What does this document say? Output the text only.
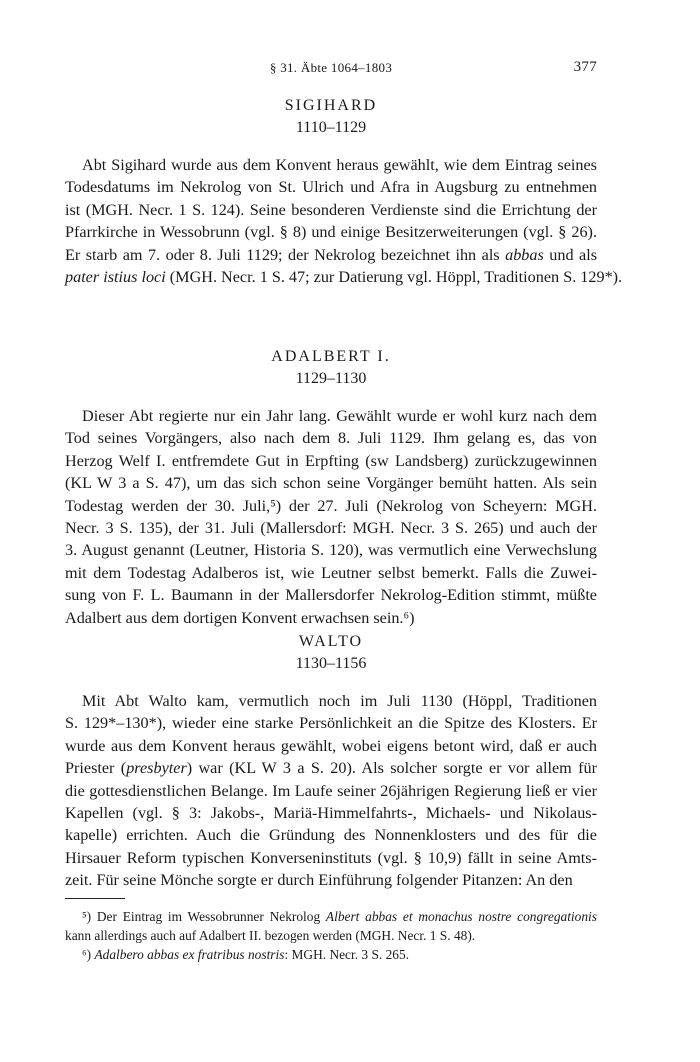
§ 31. Äbte 1064–1803	377
SIGIHARD
1110–1129
Abt Sigihard wurde aus dem Konvent heraus gewählt, wie dem Eintrag seines
Todesdatums im Nekrolog von St. Ulrich und Afra in Augsburg zu entnehmen
ist (MGH. Necr. 1 S. 124). Seine besonderen Verdienste sind die Errichtung der
Pfarrkirche in Wessobrunn (vgl. § 8) und einige Besitzerweiterungen (vgl. § 26).
Er starb am 7. oder 8. Juli 1129; der Nekrolog bezeichnet ihn als abbas und als
pater istius loci (MGH. Necr. 1 S. 47; zur Datierung vgl. Höppl, Traditionen S. 129*).
ADALBERT I.
1129–1130
Dieser Abt regierte nur ein Jahr lang. Gewählt wurde er wohl kurz nach dem
Tod seines Vorgängers, also nach dem 8. Juli 1129. Ihm gelang es, das von
Herzog Welf I. entfremdete Gut in Erpfting (sw Landsberg) zurückzugewinnen
(KL W 3 a S. 47), um das sich schon seine Vorgänger bemüht hatten. Als sein
Todestag werden der 30. Juli,⁵) der 27. Juli (Nekrolog von Scheyern: MGH.
Necr. 3 S. 135), der 31. Juli (Mallersdorf: MGH. Necr. 3 S. 265) und auch der
3. August genannt (Leutner, Historia S. 120), was vermutlich eine Verwechslung
mit dem Todestag Adalberos ist, wie Leutner selbst bemerkt. Falls die Zuwei-
sung von F. L. Baumann in der Mallersdorfer Nekrolog-Edition stimmt, müßte
Adalbert aus dem dortigen Konvent erwachsen sein.⁶)
WALTO
1130–1156
Mit Abt Walto kam, vermutlich noch im Juli 1130 (Höppl, Traditionen
S. 129*–130*), wieder eine starke Persönlichkeit an die Spitze des Klosters. Er
wurde aus dem Konvent heraus gewählt, wobei eigens betont wird, daß er auch
Priester (presbyter) war (KL W 3 a S. 20). Als solcher sorgte er vor allem für
die gottesdienstlichen Belange. Im Laufe seiner 26jährigen Regierung ließ er vier
Kapellen (vgl. § 3: Jakobs-, Mariä-Himmelfahrts-, Michaels- und Nikolaus-
kapelle) errichten. Auch die Gründung des Nonnenklosters und des für die
Hirsauer Reform typischen Konverseninstituts (vgl. § 10,9) fällt in seine Amts-
zeit. Für seine Mönche sorgte er durch Einführung folgender Pitanzen: An den
⁵) Der Eintrag im Wessobrunner Nekrolog Albert abbas et monachus nostre congregationis
kann allerdings auch auf Adalbert II. bezogen werden (MGH. Necr. 1 S. 48).
⁶) Adalbero abbas ex fratribus nostris: MGH. Necr. 3 S. 265.
